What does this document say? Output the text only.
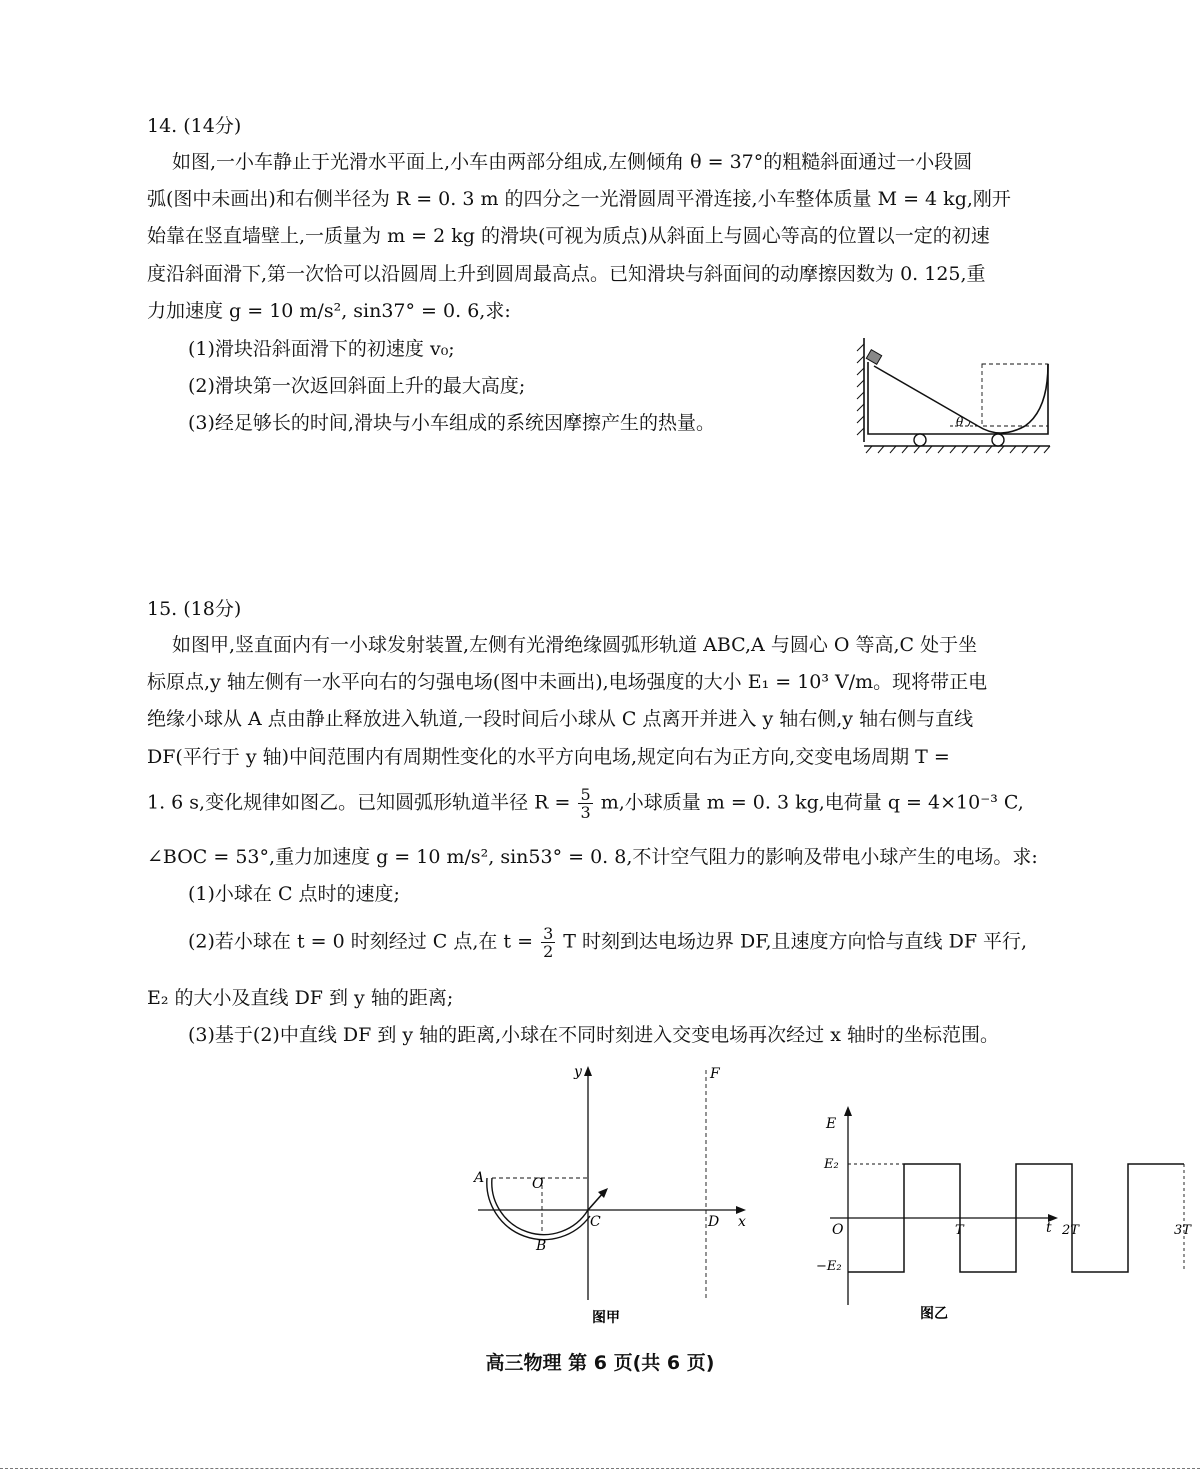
14. (14分)
如图,一小车静止于光滑水平面上,小车由两部分组成,左侧倾角 θ = 37°的粗糙斜面通过一小段圆
弧(图中未画出)和右侧半径为 R = 0. 3 m 的四分之一光滑圆周平滑连接,小车整体质量 M = 4 kg,刚开
始靠在竖直墙壁上,一质量为 m = 2 kg 的滑块(可视为质点)从斜面上与圆心等高的位置以一定的初速
度沿斜面滑下,第一次恰可以沿圆周上升到圆周最高点。已知滑块与斜面间的动摩擦因数为 0. 125,重
力加速度 g = 10 m/s², sin37° = 0. 6,求:
(1)滑块沿斜面滑下的初速度 v₀;
(2)滑块第一次返回斜面上升的最大高度;
(3)经足够长的时间,滑块与小车组成的系统因摩擦产生的热量。	θ
15. (18分)
如图甲,竖直面内有一小球发射装置,左侧有光滑绝缘圆弧形轨道 ABC,A 与圆心 O 等高,C 处于坐
标原点,y 轴左侧有一水平向右的匀强电场(图中未画出),电场强度的大小 E₁ = 10³ V/m。现将带正电
绝缘小球从 A 点由静止释放进入轨道,一段时间后小球从 C 点离开并进入 y 轴右侧,y 轴右侧与直线
DF(平行于 y 轴)中间范围内有周期性变化的水平方向电场,规定向右为正方向,交变电场周期 T =
1. 6 s,变化规律如图乙。已知圆弧形轨道半径 $R = \frac{5}{3} m$,小球质量 m = 0. 3 kg,电荷量 q = 4×10⁻³ C,
∠BOC = 53°,重力加速度 g = 10 m/s², sin53° = 0. 8,不计空气阻力的影响及带电小球产生的电场。求:
(1)小球在 C 点时的速度;
(2)若小球在 t = 0 时刻经过 C 点,在 $t = \frac{3}{2}$ T 时刻到达电场边界 DF,且速度方向恰与直线 DF 平行,
E₂ 的大小及直线 DF 到 y 轴的距离;
(3)基于(2)中直线 DF 到 y 轴的距离,小球在不同时刻进入交变电场再次经过 x 轴时的坐标范围。
y
x
F
D
A	O
B
C
图甲
E
t
O
E₂
−E₂
T	2T	3T
图乙
高三物理 第 6 页(共 6 页)
